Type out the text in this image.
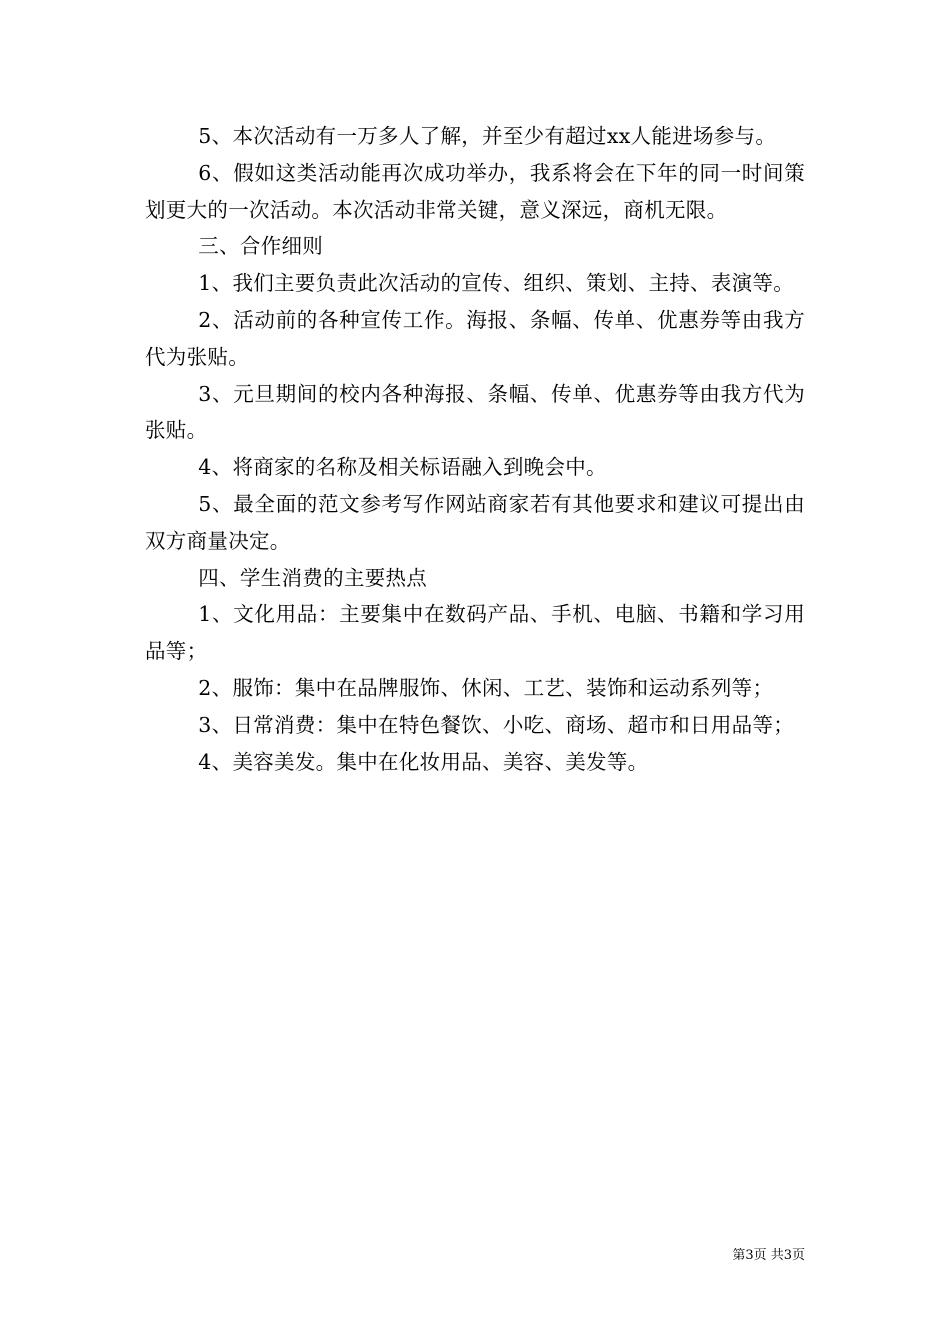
5、本次活动有一万多人了解，并至少有超过xx人能进场参与。

6、假如这类活动能再次成功举办，我系将会在下年的同一时间策划更大的一次活动。本次活动非常关键，意义深远，商机无限。

三、合作细则

1、我们主要负责此次活动的宣传、组织、策划、主持、表演等。

2、活动前的各种宣传工作。海报、条幅、传单、优惠券等由我方代为张贴。

3、元旦期间的校内各种海报、条幅、传单、优惠券等由我方代为张贴。

4、将商家的名称及相关标语融入到晚会中。

5、最全面的范文参考写作网站商家若有其他要求和建议可提出由双方商量决定。

四、学生消费的主要热点

1、文化用品：主要集中在数码产品、手机、电脑、书籍和学习用品等；

2、服饰：集中在品牌服饰、休闲、工艺、装饰和运动系列等；

3、日常消费：集中在特色餐饮、小吃、商场、超市和日用品等；

4、美容美发。集中在化妆用品、美容、美发等。

第3页 共3页
